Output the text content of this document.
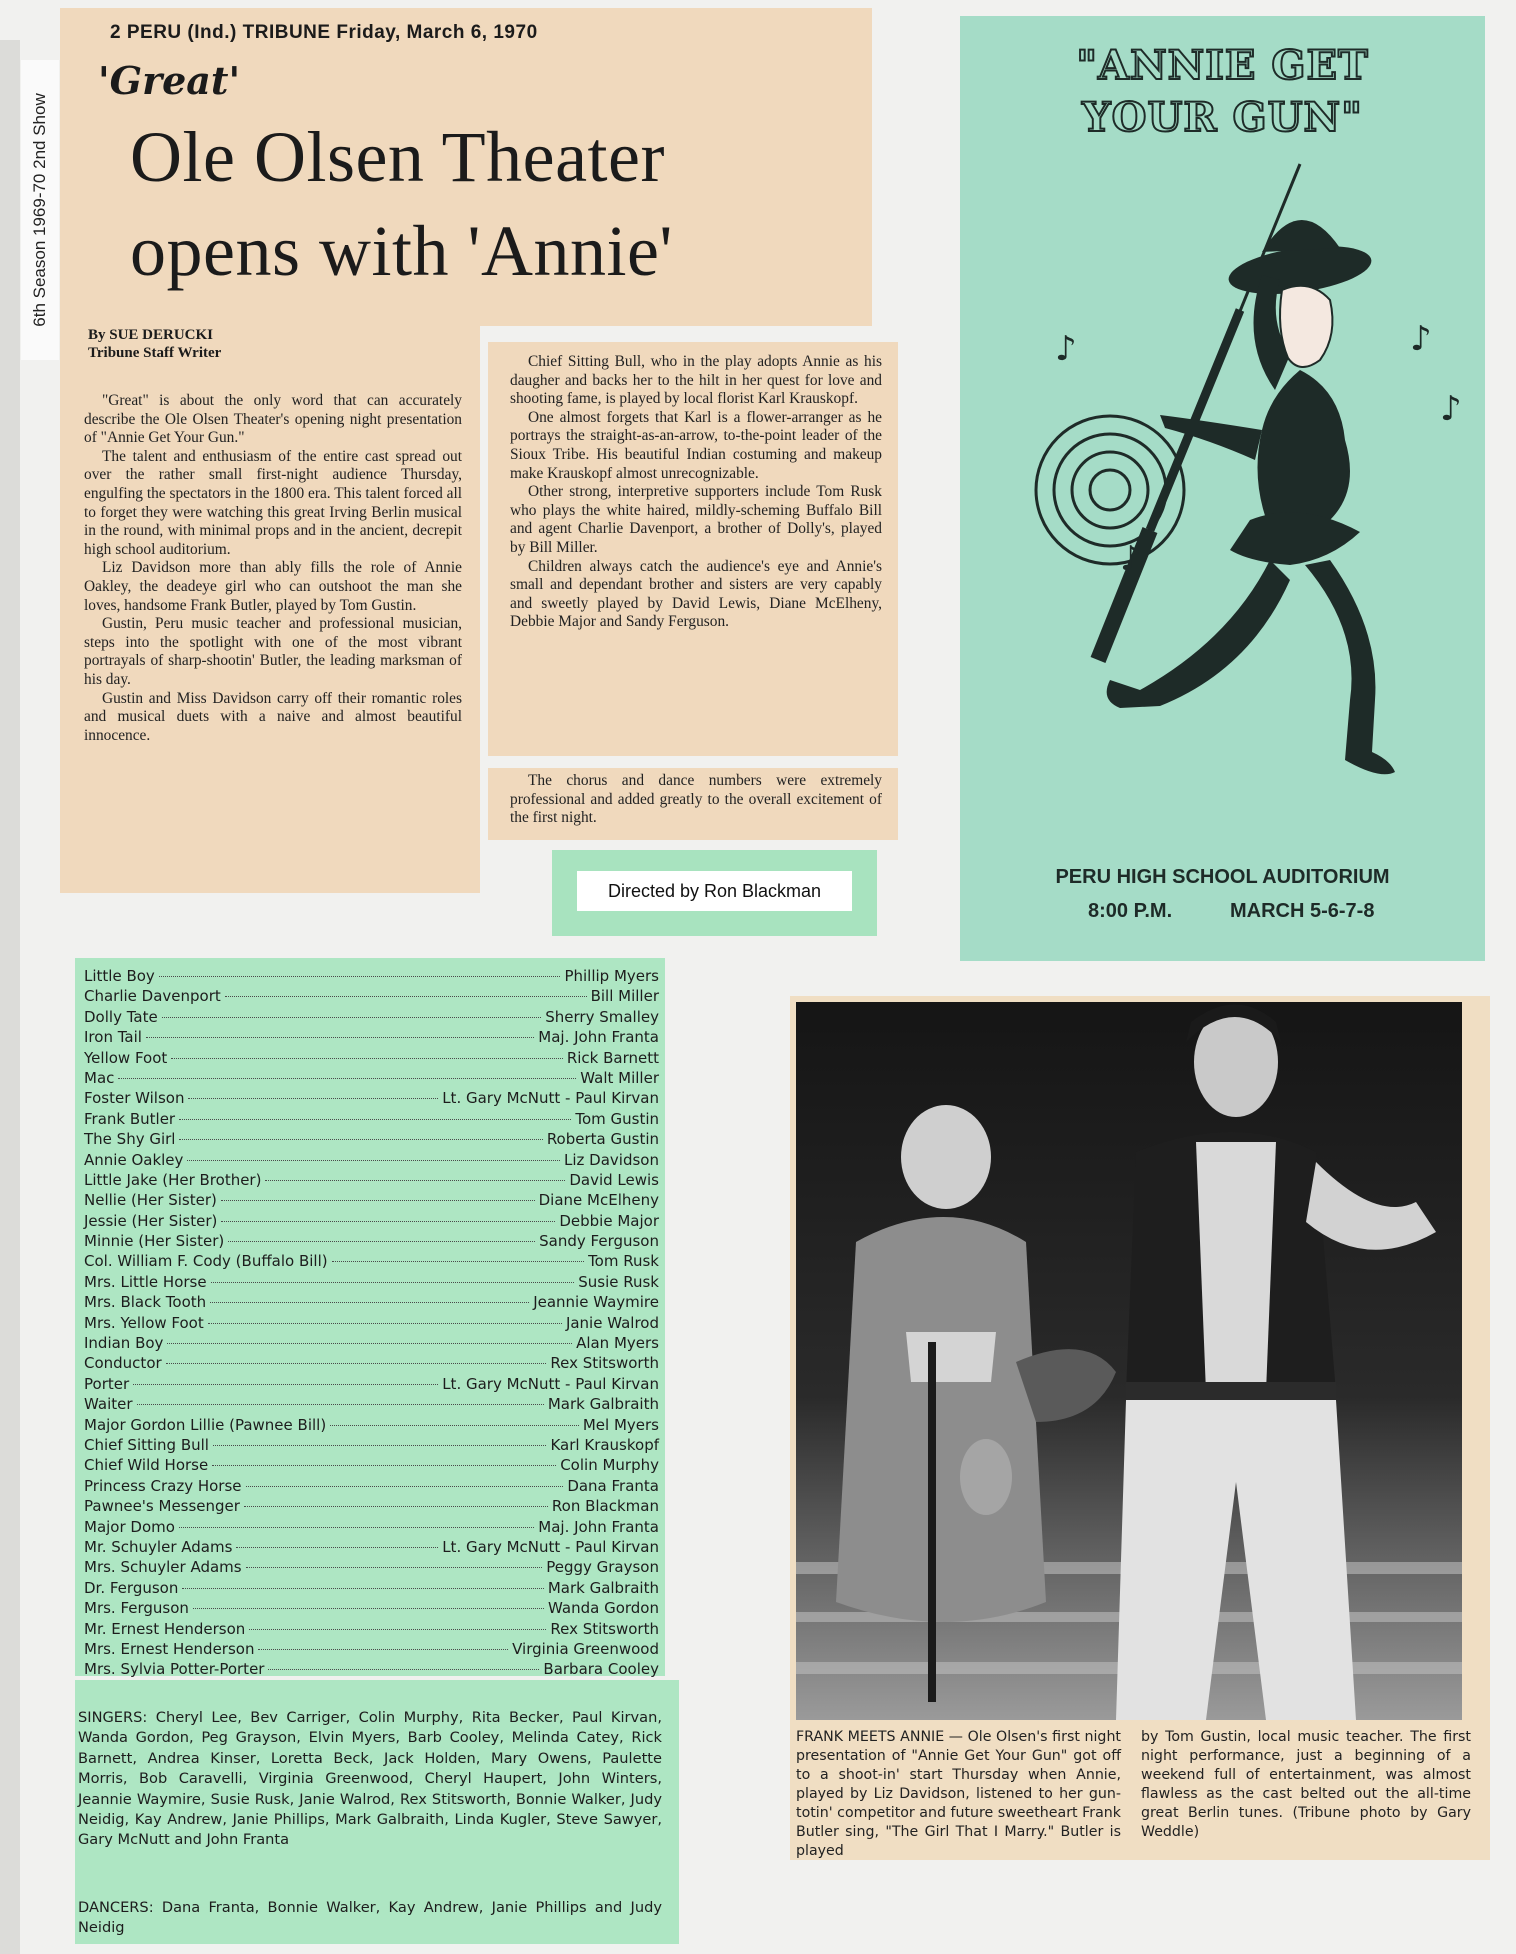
6th Season 1969-70 2nd Show
2 PERU (Ind.) TRIBUNE Friday, March 6, 1970
'Great'
Ole Olsen Theater
opens with 'Annie'
By SUE DERUCKI
Tribune Staff Writer

"Great" is about the only word that can accurately describe the Ole Olsen Theater's opening night presentation of "Annie Get Your Gun."

The talent and enthusiasm of the entire cast spread out over the rather small first-night audience Thursday, engulfing the spectators in the 1800 era. This talent forced all to forget they were watching this great Irving Berlin musical in the round, with minimal props and in the ancient, decrepit high school auditorium.

Liz Davidson more than ably fills the role of Annie Oakley, the deadeye girl who can outshoot the man she loves, handsome Frank Butler, played by Tom Gustin.

Gustin, Peru music teacher and professional musician, steps into the spotlight with one of the most vibrant portrayals of sharp-shootin' Butler, the leading marksman of his day.

Gustin and Miss Davidson carry off their romantic roles and musical duets with a naive and almost beautiful innocence.

Chief Sitting Bull, who in the play adopts Annie as his daugher and backs her to the hilt in her quest for love and shooting fame, is played by local florist Karl Krauskopf.

One almost forgets that Karl is a flower-arranger as he portrays the straight-as-an-arrow, to-the-point leader of the Sioux Tribe. His beautiful Indian costuming and makeup make Krauskopf almost unrecognizable.

Other strong, interpretive supporters include Tom Rusk who plays the white haired, mildly-scheming Buffalo Bill and agent Charlie Davenport, a brother of Dolly's, played by Bill Miller.

Children always catch the audience's eye and Annie's small and dependant brother and sisters are very capably and sweetly played by David Lewis, Diane McElheny, Debbie Major and Sandy Ferguson.

The chorus and dance numbers were extremely professional and added greatly to the overall excitement of the first night.

Directed by Ron Blackman
"ANNIE GET
YOUR GUN"
♪	♪
♪
♪
PERU HIGH SCHOOL AUDITORIUM
8:00 P.M.	MARCH 5-6-7-8
Little Boy	Phillip Myers
Charlie Davenport	Bill Miller
Dolly Tate	Sherry Smalley
Iron Tail	Maj. John Franta
Yellow Foot	Rick Barnett
Mac	Walt Miller
Foster Wilson	Lt. Gary McNutt - Paul Kirvan
Frank Butler	Tom Gustin
The Shy Girl	Roberta Gustin
Annie Oakley	Liz Davidson
Little Jake (Her Brother)	David Lewis
Nellie (Her Sister)	Diane McElheny
Jessie (Her Sister)	Debbie Major
Minnie (Her Sister)	Sandy Ferguson
Col. William F. Cody (Buffalo Bill)	Tom Rusk
Mrs. Little Horse	Susie Rusk
Mrs. Black Tooth	Jeannie Waymire
Mrs. Yellow Foot	Janie Walrod
Indian Boy	Alan Myers
Conductor	Rex Stitsworth
Porter	Lt. Gary McNutt - Paul Kirvan
Waiter	Mark Galbraith
Major Gordon Lillie (Pawnee Bill)	Mel Myers
Chief Sitting Bull	Karl Krauskopf
Chief Wild Horse	Colin Murphy
Princess Crazy Horse	Dana Franta
Pawnee's Messenger	Ron Blackman
Major Domo	Maj. John Franta
Mr. Schuyler Adams	Lt. Gary McNutt - Paul Kirvan
Mrs. Schuyler Adams	Peggy Grayson
Dr. Ferguson	Mark Galbraith
Mrs. Ferguson	Wanda Gordon
Mr. Ernest Henderson	Rex Stitsworth
Mrs. Ernest Henderson	Virginia Greenwood
Mrs. Sylvia Potter-Porter	Barbara Cooley
SINGERS: Cheryl Lee, Bev Carriger, Colin Murphy, Rita Becker, Paul Kirvan, Wanda Gordon, Peg Grayson, Elvin Myers, Barb Cooley, Melinda Catey, Rick Barnett, Andrea Kinser, Loretta Beck, Jack Holden, Mary Owens, Paulette Morris, Bob Caravelli, Virginia Greenwood, Cheryl Haupert, John Winters, Jeannie Waymire, Susie Rusk, Janie Walrod, Rex Stitsworth, Bonnie Walker, Judy Neidig, Kay Andrew, Janie Phillips, Mark Galbraith, Linda Kugler, Steve Sawyer, Gary McNutt and John Franta
DANCERS: Dana Franta, Bonnie Walker, Kay Andrew, Janie Phillips and Judy Neidig
FRANK MEETS ANNIE — Ole Olsen's first night presentation of "Annie Get Your Gun" got off to a shoot-in' start Thursday when Annie, played by Liz Davidson, listened to her gun-totin' competitor and future sweetheart Frank Butler sing, "The Girl That I Marry." Butler is played
by Tom Gustin, local music teacher. The first night performance, just a beginning of a weekend full of entertainment, was almost flawless as the cast belted out the all-time great Berlin tunes. (Tribune photo by Gary Weddle)
